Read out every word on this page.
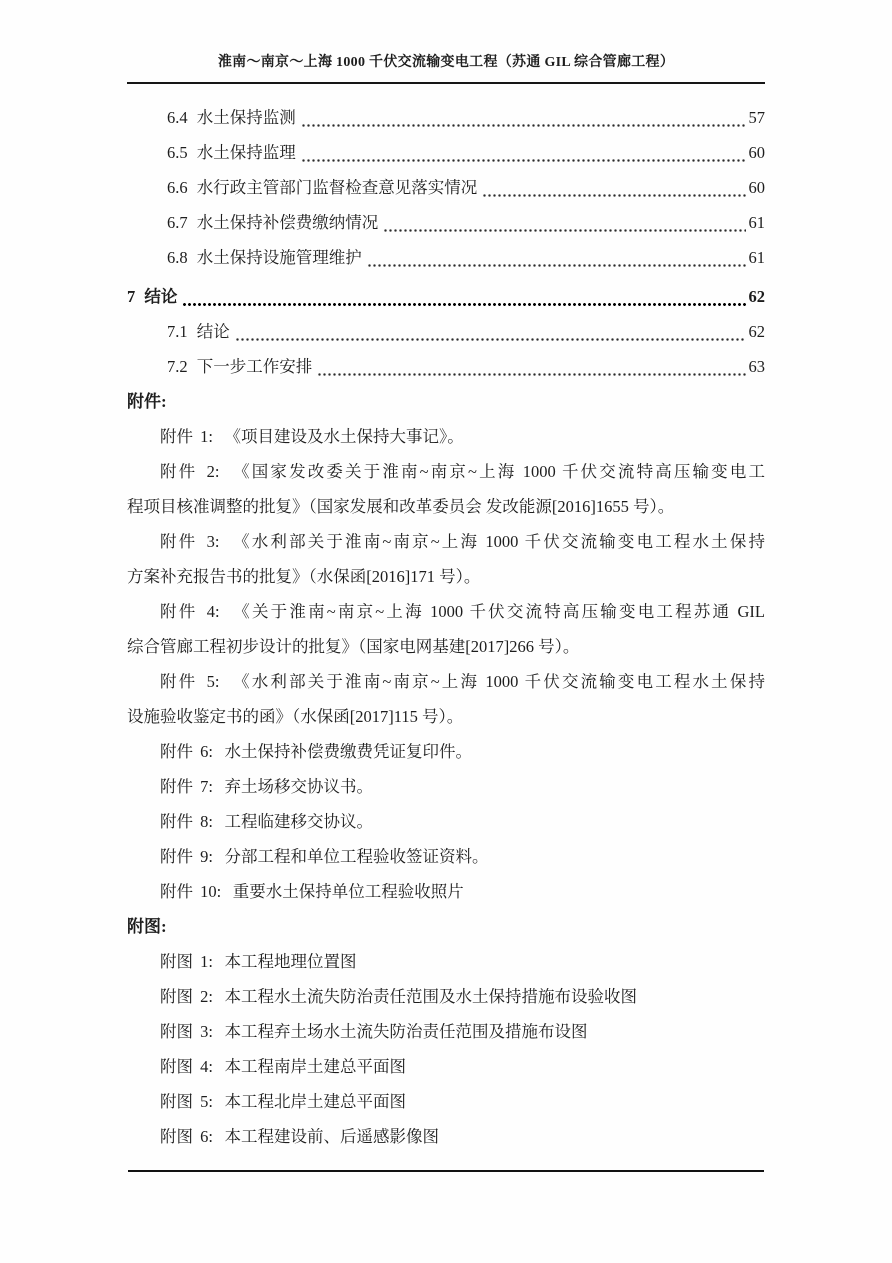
淮南～南京～上海 1000 千伏交流输变电工程（苏通 GIL 综合管廊工程）
6.4 水土保持监测	57
6.5 水土保持监理	60
6.6 水行政主管部门监督检查意见落实情况	60
6.7 水土保持补偿费缴纳情况	61
6.8 水土保持设施管理维护	61
7 结论	62
7.1 结论	62
7.2 下一步工作安排	63
附件:
附件 1: 《项目建设及水土保持大事记》。
附件 2: 《国家发改委关于淮南~南京~上海 1000 千伏交流特高压输变电工
程项目核准调整的批复》（国家发展和改革委员会 发改能源[2016]1655 号）。
附件 3: 《水利部关于淮南~南京~上海 1000 千伏交流输变电工程水土保持
方案补充报告书的批复》（水保函[2016]171 号）。
附件 4: 《关于淮南~南京~上海 1000 千伏交流特高压输变电工程苏通 GIL
综合管廊工程初步设计的批复》（国家电网基建[2017]266 号）。
附件 5: 《水利部关于淮南~南京~上海 1000 千伏交流输变电工程水土保持
设施验收鉴定书的函》（水保函[2017]115 号）。
附件 6: 水土保持补偿费缴费凭证复印件。
附件 7: 弃土场移交协议书。
附件 8: 工程临建移交协议。
附件 9: 分部工程和单位工程验收签证资料。
附件 10: 重要水土保持单位工程验收照片
附图:
附图 1: 本工程地理位置图
附图 2: 本工程水土流失防治责任范围及水土保持措施布设验收图
附图 3: 本工程弃土场水土流失防治责任范围及措施布设图
附图 4: 本工程南岸土建总平面图
附图 5: 本工程北岸土建总平面图
附图 6: 本工程建设前、后遥感影像图
